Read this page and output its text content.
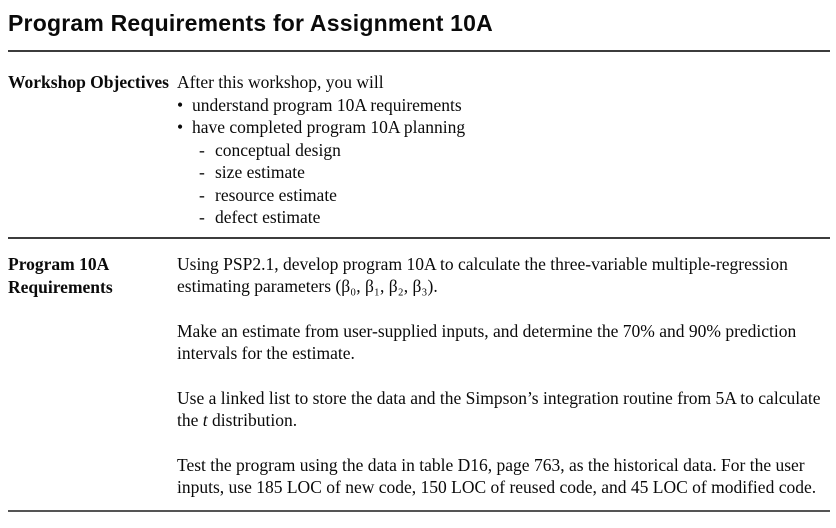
Program Requirements for Assignment 10A
Workshop Objectives After this workshop, you will
• understand program 10A requirements
• have completed program 10A planning
- conceptual design
- size estimate
- resource estimate
- defect estimate
Program 10A Requirements

Using PSP2.1, develop program 10A to calculate the three-variable multiple-regression estimating parameters (β₀, β₁, β₂, β₃).

Make an estimate from user-supplied inputs, and determine the 70% and 90% prediction intervals for the estimate.

Use a linked list to store the data and the Simpson’s integration routine from 5A to calculate the t distribution.

Test the program using the data in table D16, page 763, as the historical data. For the user inputs, use 185 LOC of new code, 150 LOC of reused code, and 45 LOC of modified code.
